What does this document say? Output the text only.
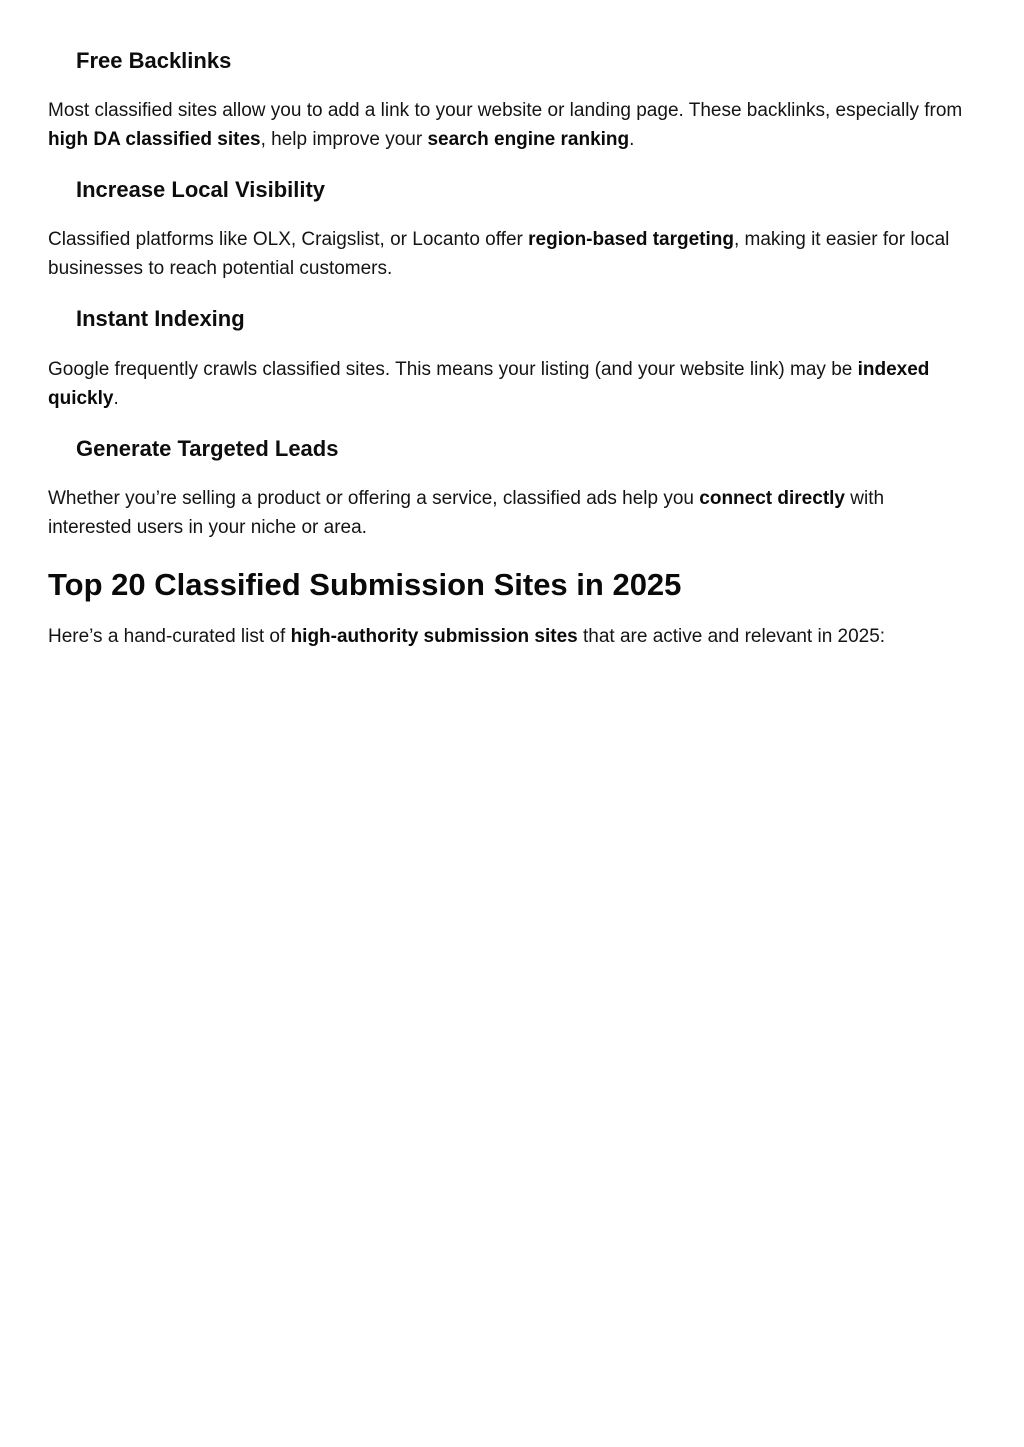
Free Backlinks

Most classified sites allow you to add a link to your website or landing page. These backlinks, especially from high DA classified sites, help improve your search engine ranking.

Increase Local Visibility

Classified platforms like OLX, Craigslist, or Locanto offer region-based targeting, making it easier for local businesses to reach potential customers.

Instant Indexing

Google frequently crawls classified sites. This means your listing (and your website link) may be indexed quickly.

Generate Targeted Leads

Whether you’re selling a product or offering a service, classified ads help you connect directly with interested users in your niche or area.

Top 20 Classified Submission Sites in 2025

Here’s a hand-curated list of high-authority submission sites that are active and relevant in 2025:
